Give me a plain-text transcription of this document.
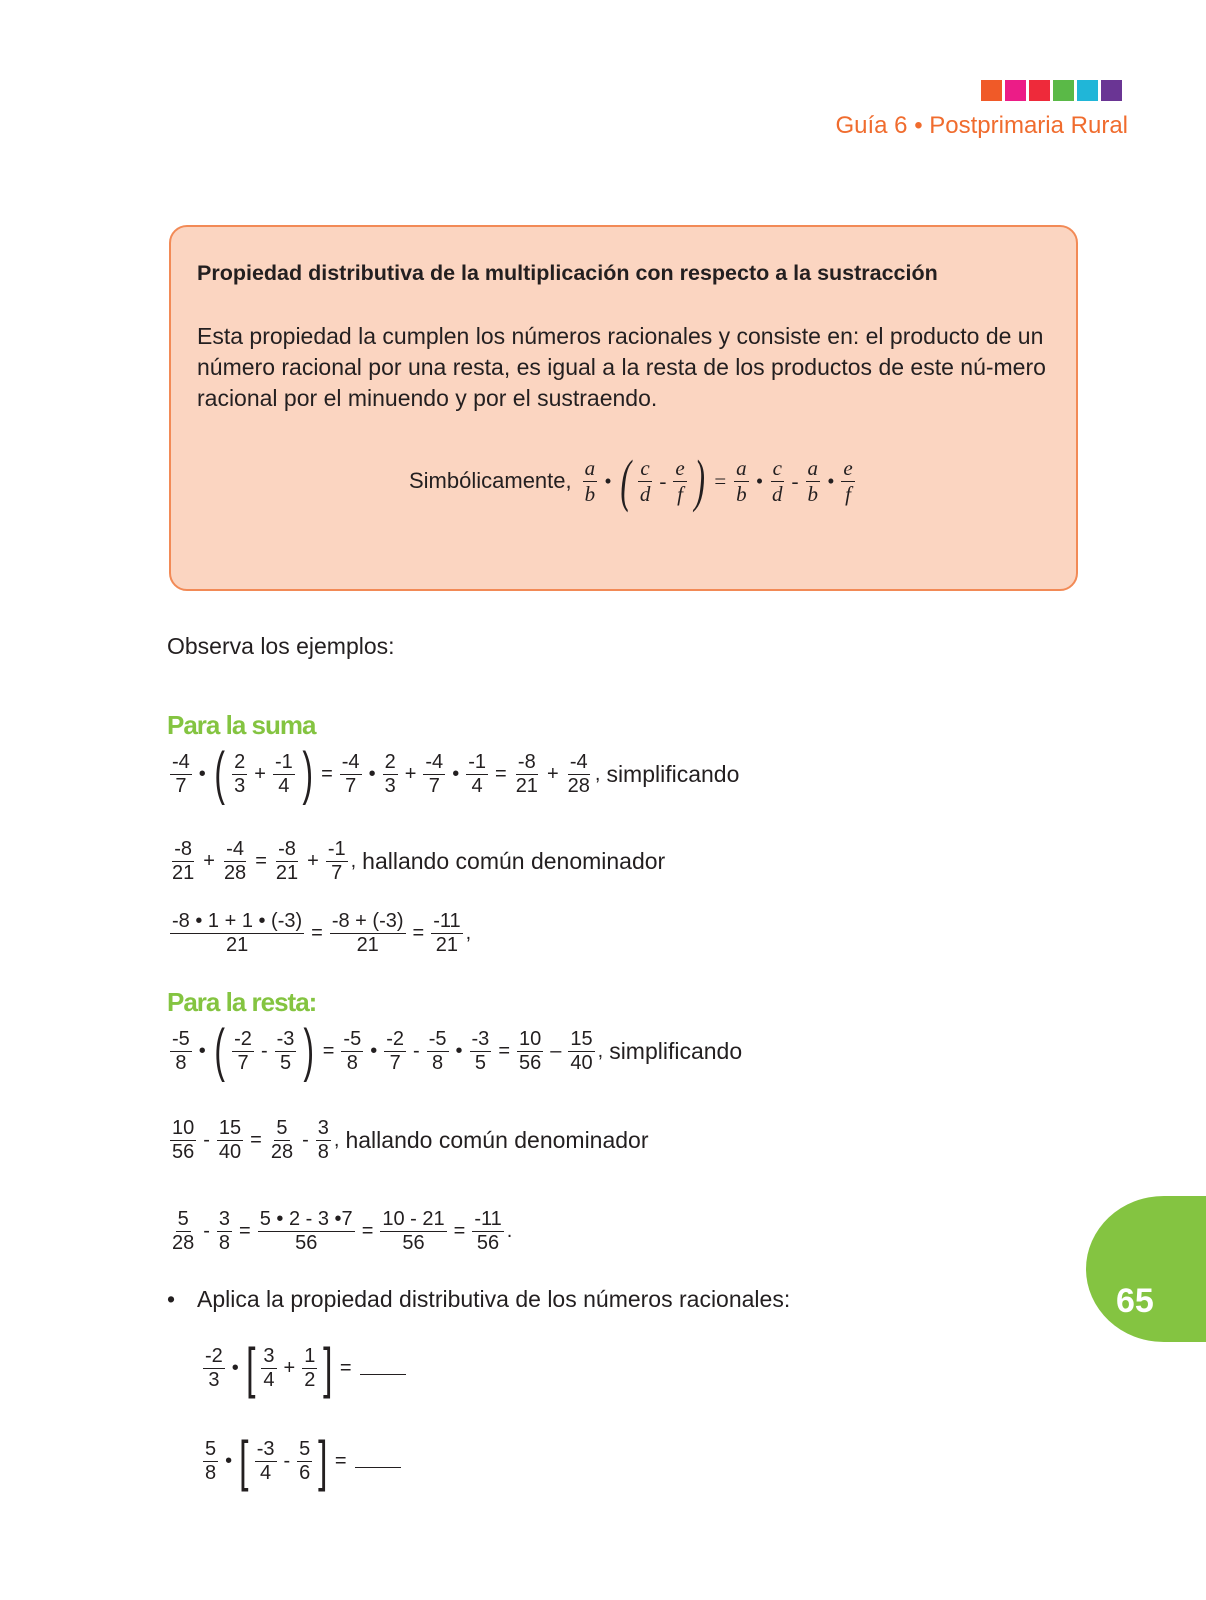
Guía 6 • Postprimaria Rural
Propiedad distributiva de la multiplicación con respecto a la sustracción
Esta propiedad la cumplen los números racionales y consiste en: el producto de un número racional por una resta, es igual a la resta de los productos de este nú-mero racional por el minuendo y por el sustraendo.
Simbólicamente, $\frac{a}{b}$ • ( $\frac{c}{d} - \frac{e}{f}$ ) = $\frac{a}{b}$ • $\frac{c}{d} - \frac{a}{b}$ • $\frac{e}{f}$
Observa los ejemplos:
Para la suma
$\frac{-4}{7}$ • ( $\frac{2}{3} + \frac{-1}{4}$ ) = $\frac{-4}{7}$ • $\frac{2}{3} + \frac{-4}{7}$ • $\frac{-1}{4} = \frac{-8}{21} + \frac{-4}{28}$ , simplificando
$\frac{-8}{21} + \frac{-4}{28} = \frac{-8}{21} + \frac{-1}{7}$ , hallando común denominador
$\frac{-8 • 1 + 1 • (-3)}{21} = \frac{-8 + (-3)}{21} = \frac{-11}{21}$ ,
Para la resta:
$\frac{-5}{8}$ • ( $\frac{-2}{7} - \frac{-3}{5}$ ) = $\frac{-5}{8}$ • $\frac{-2}{7} - \frac{-5}{8}$ • $\frac{-3}{5} = \frac{10}{56} - \frac{15}{40}$ , simplificando
$\frac{10}{56} - \frac{15}{40} = \frac{5}{28} - \frac{3}{8}$ , hallando común denominador
$\frac{5}{28} - \frac{3}{8} = \frac{5 • 2 - 3 •7}{56} = \frac{10 - 21}{56} = \frac{-11}{56}$ .
• Aplica la propiedad distributiva de los números racionales:
$\frac{-2}{3}$ • [ $\frac{3}{4} + \frac{1}{2}$ ] =
$\frac{5}{8}$ • [ $\frac{-3}{4} - \frac{5}{6}$ ] =
65
